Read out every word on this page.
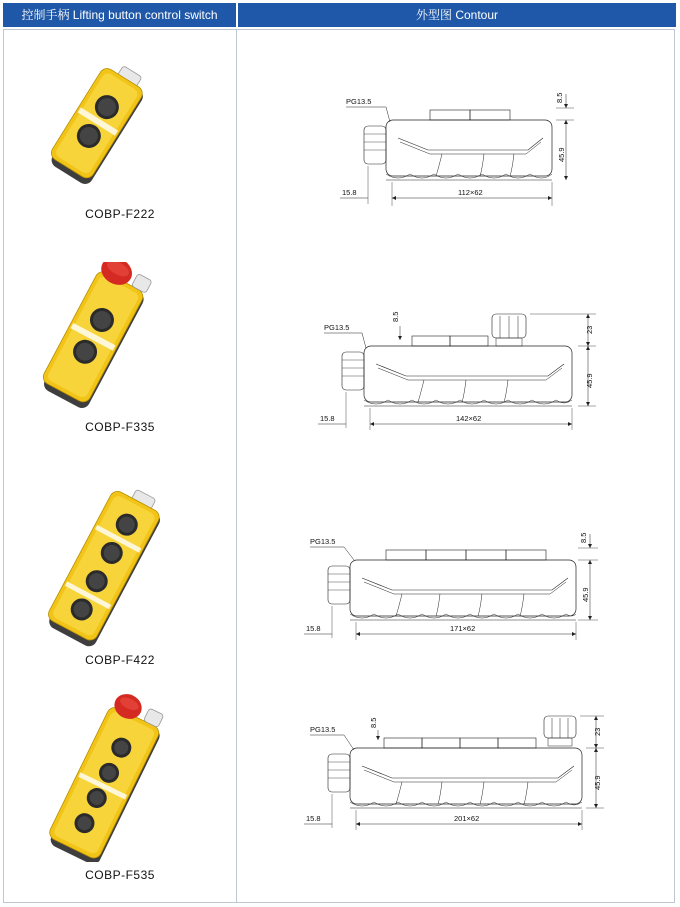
控制手柄 Lifting button control switch	外型图 Contour
COBP-F222
PG13.5	8.5
45.9
15.8	112×62
COBP-F335
PG13.5
8.5
23
45.9
15.8	142×62
COBP-F422
PG13.5	8.5
45.9
15.8	171×62
COBP-F535
PG13.5
8.5
23
45.9
15.8	201×62
